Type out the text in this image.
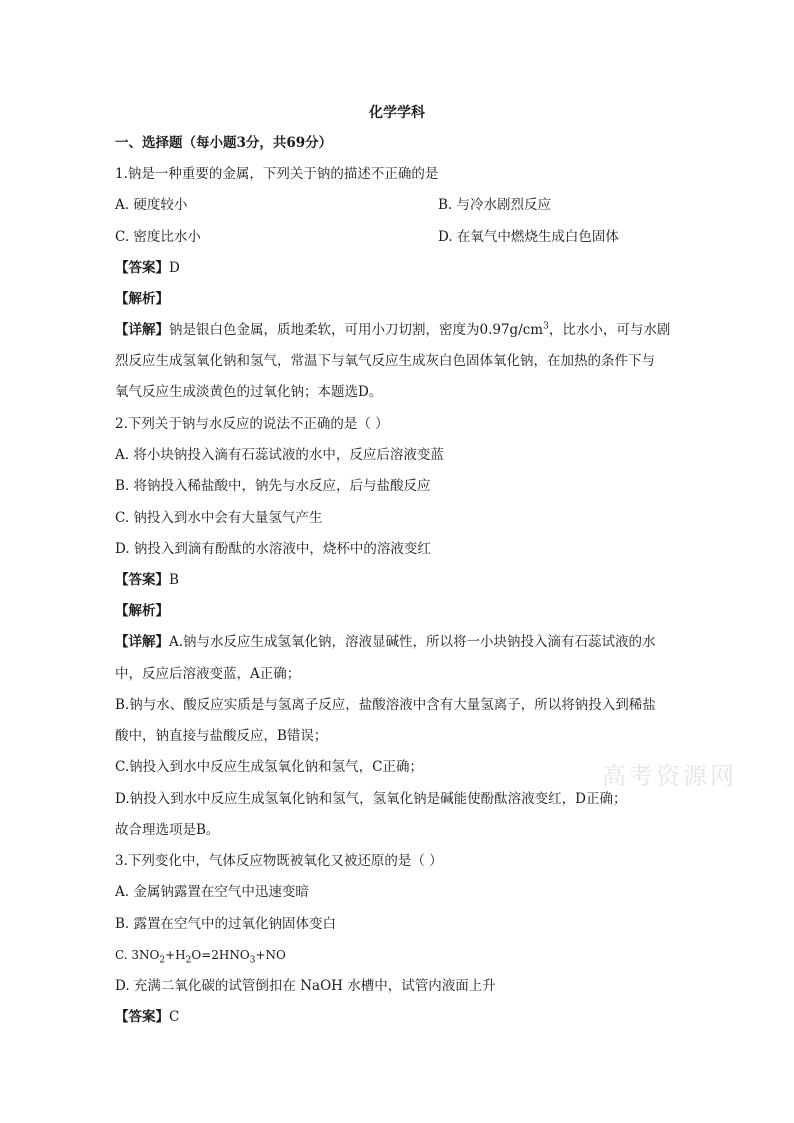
化学学科
一、选择题（每小题3分，共69分）
1.钠是一种重要的金属，下列关于钠的描述不正确的是
A. 硬度较小	B. 与冷水剧烈反应
C. 密度比水小	D. 在氧气中燃烧生成白色固体
【答案】D
【解析】
【详解】钠是银白色金属，质地柔软，可用小刀切割，密度为$0.97g/cm^3$，比水小，可与水剧
烈反应生成氢氧化钠和氢气，常温下与氧气反应生成灰白色固体氧化钠，在加热的条件下与
氧气反应生成淡黄色的过氧化钠；本题选D。
2.下列关于钠与水反应的说法不正确的是（ ）
A. 将小块钠投入滴有石蕊试液的水中，反应后溶液变蓝
B. 将钠投入稀盐酸中，钠先与水反应，后与盐酸反应
C. 钠投入到水中会有大量氢气产生
D. 钠投入到滴有酚酞的水溶液中，烧杯中的溶液变红
【答案】B
【解析】
【详解】A.钠与水反应生成氢氧化钠，溶液显碱性，所以将一小块钠投入滴有石蕊试液的水
中，反应后溶液变蓝，A正确；
B.钠与水、酸反应实质是与氢离子反应，盐酸溶液中含有大量氢离子，所以将钠投入到稀盐
酸中，钠直接与盐酸反应，B错误；
C.钠投入到水中反应生成氢氧化钠和氢气，C正确；
D.钠投入到水中反应生成氢氧化钠和氢气，氢氧化钠是碱能使酚酞溶液变红，D正确；
故合理选项是B。
3.下列变化中，气体反应物既被氧化又被还原的是（ ）
A. 金属钠露置在空气中迅速变暗
B. 露置在空气中的过氧化钠固体变白
C. $3NO_2+H_2O=2HNO_3+NO$
D. 充满二氧化碳的试管倒扣在 NaOH 水槽中，试管内液面上升
【答案】C
高考资源网
